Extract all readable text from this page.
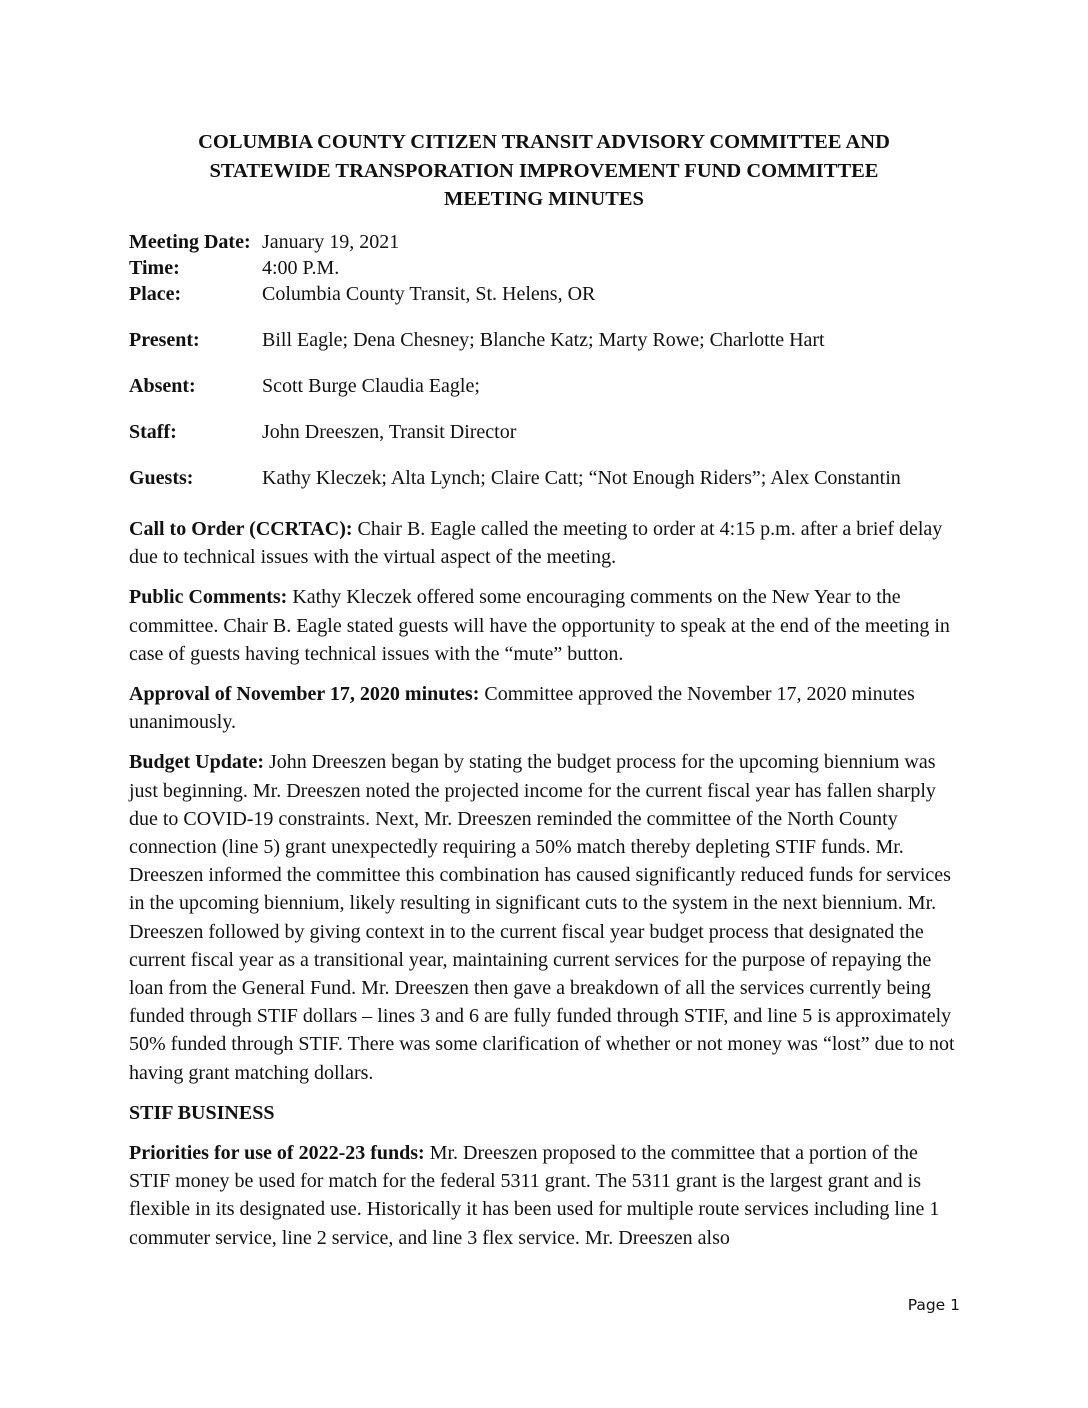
COLUMBIA COUNTY CITIZEN TRANSIT ADVISORY COMMITTEE AND
STATEWIDE TRANSPORATION IMPROVEMENT FUND COMMITTEE
MEETING MINUTES
Meeting Date: January 19, 2021
Time:	4:00 P.M.
Place:	Columbia County Transit, St. Helens, OR
Present:	Bill Eagle; Dena Chesney; Blanche Katz; Marty Rowe; Charlotte Hart
Absent:	Scott Burge Claudia Eagle;
Staff:	John Dreeszen, Transit Director
Guests:	Kathy Kleczek; Alta Lynch; Claire Catt; “Not Enough Riders”; Alex Constantin

Call to Order (CCRTAC): Chair B. Eagle called the meeting to order at 4:15 p.m. after a brief delay due to technical issues with the virtual aspect of the meeting.

Public Comments: Kathy Kleczek offered some encouraging comments on the New Year to the committee. Chair B. Eagle stated guests will have the opportunity to speak at the end of the meeting in case of guests having technical issues with the “mute” button.

Approval of November 17, 2020 minutes: Committee approved the November 17, 2020 minutes unanimously.

Budget Update: John Dreeszen began by stating the budget process for the upcoming biennium was just beginning. Mr. Dreeszen noted the projected income for the current fiscal year has fallen sharply due to COVID-19 constraints. Next, Mr. Dreeszen reminded the committee of the North County connection (line 5) grant unexpectedly requiring a 50% match thereby depleting STIF funds. Mr. Dreeszen informed the committee this combination has caused significantly reduced funds for services in the upcoming biennium, likely resulting in significant cuts to the system in the next biennium. Mr. Dreeszen followed by giving context in to the current fiscal year budget process that designated the current fiscal year as a transitional year, maintaining current services for the purpose of repaying the loan from the General Fund. Mr. Dreeszen then gave a breakdown of all the services currently being funded through STIF dollars – lines 3 and 6 are fully funded through STIF, and line 5 is approximately 50% funded through STIF. There was some clarification of whether or not money was “lost” due to not having grant matching dollars.

STIF BUSINESS

Priorities for use of 2022-23 funds: Mr. Dreeszen proposed to the committee that a portion of the STIF money be used for match for the federal 5311 grant. The 5311 grant is the largest grant and is flexible in its designated use. Historically it has been used for multiple route services including line 1 commuter service, line 2 service, and line 3 flex service. Mr. Dreeszen also

Page 1
